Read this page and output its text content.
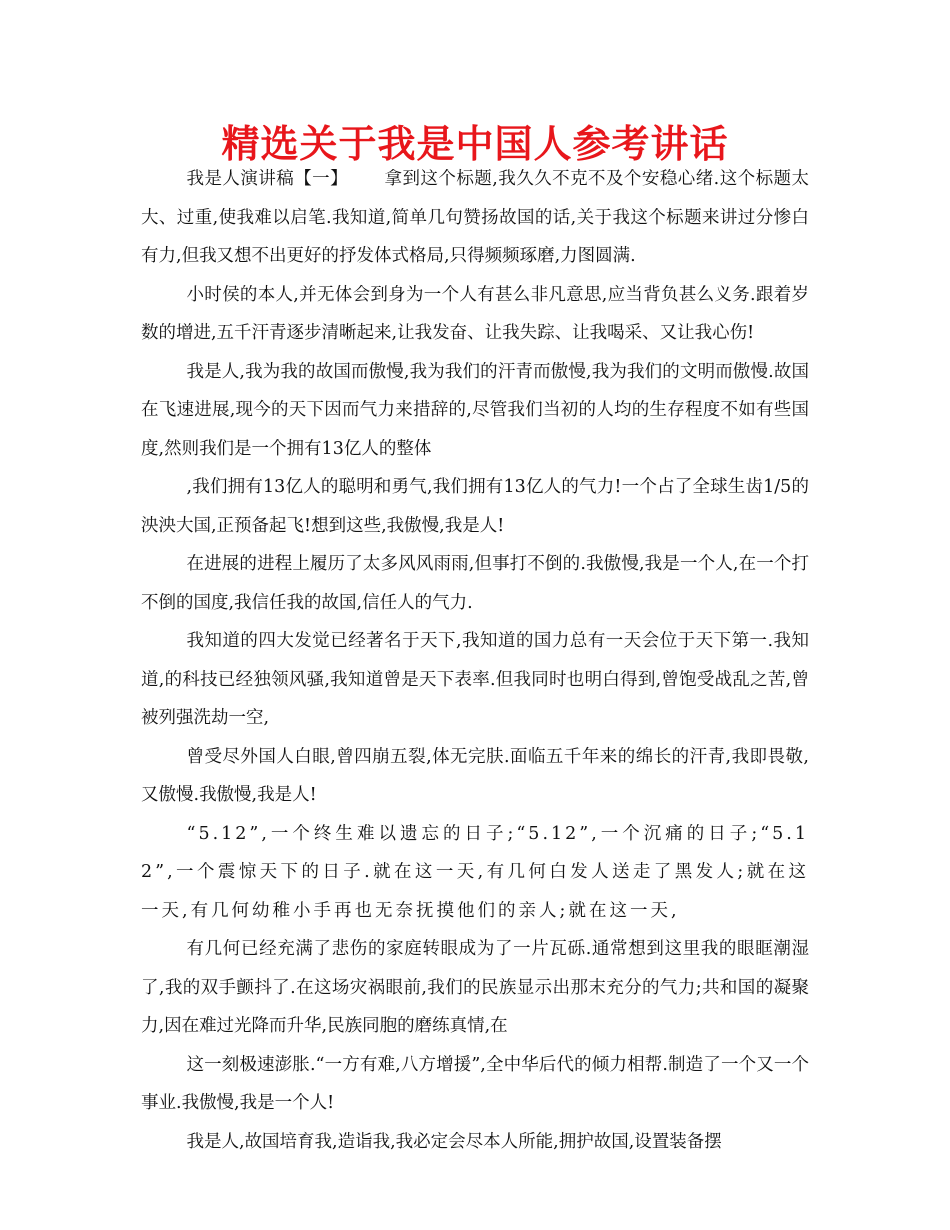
精选关于我是中国人参考讲话

我是人演讲稿【一】 拿到这个标题,我久久不克不及个安稳心绪.这个标题太大、过重,使我难以启笔.我知道,简单几句赞扬故国的话,关于我这个标题来讲过分惨白有力,但我又想不出更好的抒发体式格局,只得频频琢磨,力图圆满.

小时侯的本人,并无体会到身为一个人有甚么非凡意思,应当背负甚么义务.跟着岁数的增进,五千汗青逐步清晰起来,让我发奋、让我失踪、让我喝采、又让我心伤!

我是人,我为我的故国而傲慢,我为我们的汗青而傲慢,我为我们的文明而傲慢.故国在飞速进展,现今的天下因而气力来措辞的,尽管我们当初的人均的生存程度不如有些国度,然则我们是一个拥有13亿人的整体

,我们拥有13亿人的聪明和勇气,我们拥有13亿人的气力!一个占了全球生齿1/5的泱泱大国,正预备起飞!想到这些,我傲慢,我是人!

在进展的进程上履历了太多风风雨雨,但事打不倒的.我傲慢,我是一个人,在一个打不倒的国度,我信任我的故国,信任人的气力.

我知道的四大发觉已经著名于天下,我知道的国力总有一天会位于天下第一.我知道,的科技已经独领风骚,我知道曾是天下表率.但我同时也明白得到,曾饱受战乱之苦,曾被列强洗劫一空,

曾受尽外国人白眼,曾四崩五裂,体无完肤.面临五千年来的绵长的汗青,我即畏敬,又傲慢.我傲慢,我是人!

“5.12”,一个终生难以遗忘的日子;“5.12”,一个沉痛的日子;“5.12”,一个震惊天下的日子.就在这一天,有几何白发人送走了黑发人;就在这一天,有几何幼稚小手再也无奈抚摸他们的亲人;就在这一天,

有几何已经充满了悲伤的家庭转眼成为了一片瓦砾.通常想到这里我的眼眶潮湿了,我的双手颤抖了.在这场灾祸眼前,我们的民族显示出那末充分的气力;共和国的凝聚力,因在难过光降而升华,民族同胞的磨练真情,在

这一刻极速澎胀.“一方有难,八方增援”,全中华后代的倾力相帮.制造了一个又一个事业.我傲慢,我是一个人!

我是人,故国培育我,造诣我,我必定会尽本人所能,拥护故国,设置装备摆
